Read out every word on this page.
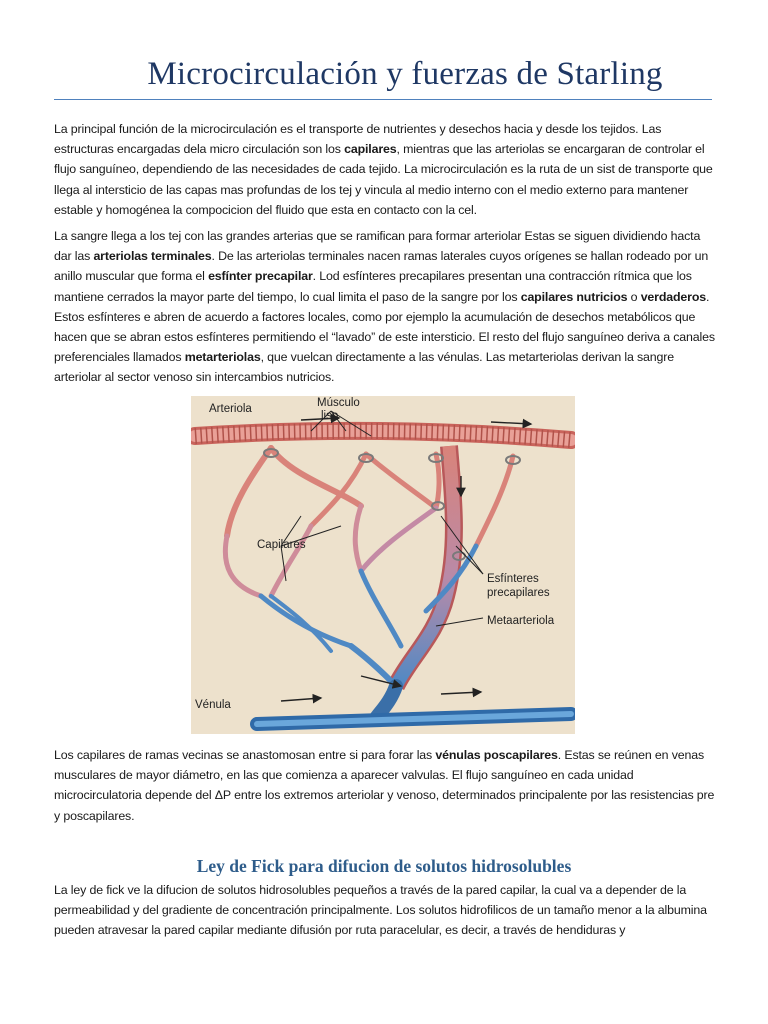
Microcirculación y fuerzas de Starling

La principal función de la microcirculación es el transporte de nutrientes y desechos hacia y desde los tejidos. Las estructuras encargadas dela micro circulación son los capilares, mientras que las arteriolas se encargaran de controlar el flujo sanguíneo, dependiendo de las necesidades de cada tejido. La microcirculación es la ruta de un sist de transporte que llega al intersticio de las capas mas profundas de los tej y vincula al medio interno con el medio externo para mantener estable y homogénea la compocicion del fluido que esta en contacto con la cel.

La sangre llega a los tej con las grandes arterias que se ramifican para formar arteriolar Estas se siguen dividiendo hacta dar las arteriolas terminales. De las arteriolas terminales nacen ramas laterales cuyos orígenes se hallan rodeado por un anillo muscular que forma el esfínter precapilar. Lod esfínteres precapilares presentan una contracción rítmica que los mantiene cerrados la mayor parte del tiempo, lo cual limita el paso de la sangre por los capilares nutricios o verdaderos. Estos esfínteres e abren de acuerdo a factores locales, como por ejemplo la acumulación de desechos metabólicos que hacen que se abran estos esfínteres permitiendo el “lavado” de este intersticio. El resto del flujo sanguíneo deriva a canales preferenciales llamados metarteriolas, que vuelcan directamente a las vénulas. Las metarteriolas derivan la sangre arteriolar al sector venoso sin intercambios nutricios.

Arteriola	Músculo
liso
Capilares
Esfínteres
precapilares
Metaarteriola
Vénula

Los capilares de ramas vecinas se anastomosan entre si para forar las vénulas poscapilares. Estas se reúnen en venas musculares de mayor diámetro, en las que comienza a aparecer valvulas. El flujo sanguíneo en cada unidad microcirculatoria depende del ΔP entre los extremos arteriolar y venoso, determinados principalente por las resistencias pre y poscapilares.

Ley de Fick para difucion de solutos hidrosolubles

La ley de fick ve la difucion de solutos hidrosolubles pequeños a través de la pared capilar, la cual va a depender de la permeabilidad y del gradiente de concentración principalmente. Los solutos hidrofilicos de un tamaño menor a la albumina pueden atravesar la pared capilar mediante difusión por ruta paracelular, es decir, a través de hendiduras y
